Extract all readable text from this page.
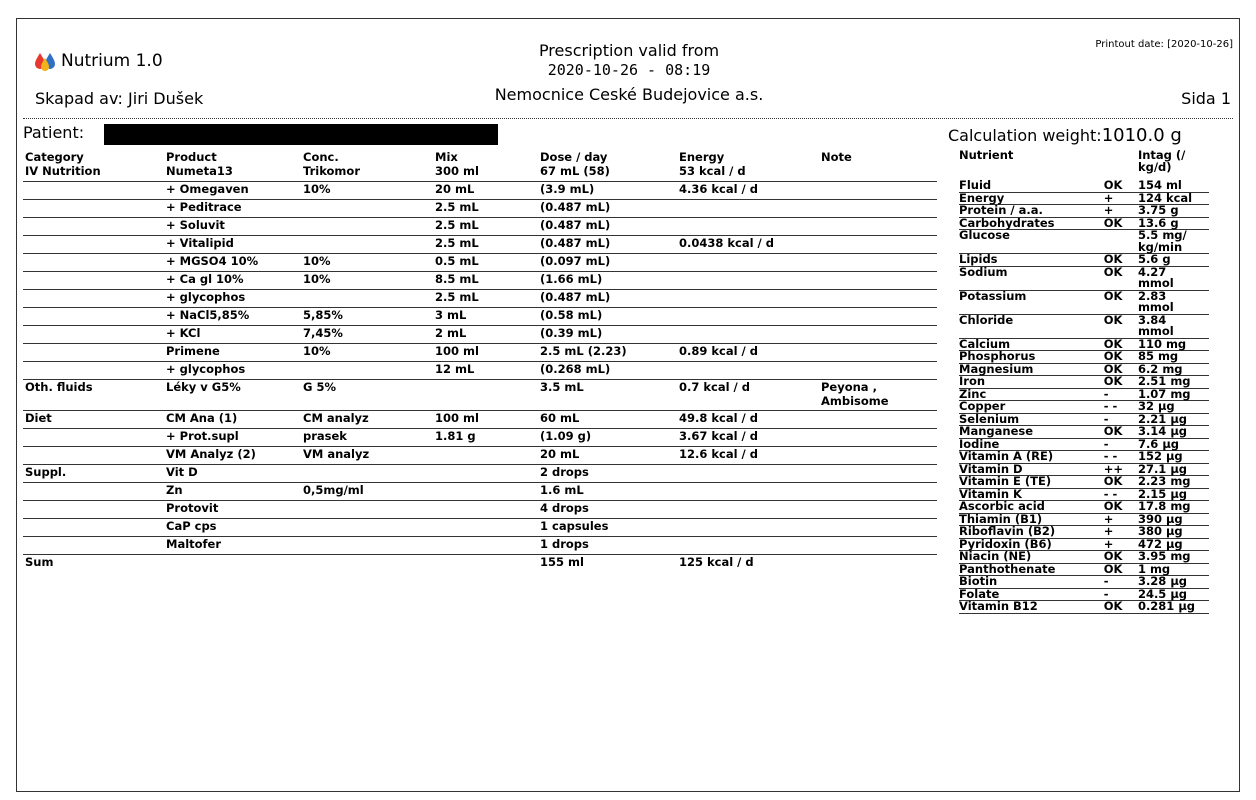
Nutrium 1.0
Skapad av: Jiri Dušek
Prescription valid from
2020-10-26 - 08:19
Nemocnice Ceské Budejovice a.s.
Printout date: [2020-10-26]
Sida 1
Patient:	Calculation weight:1010.0 g
Category	Product	Conc.	Mix	Dose / day	Energy	Note
IV Nutrition	Numeta13	Trikomor	300 ml	67 mL (58)	53 kcal / d	
	+ Omegaven	10%	20 mL	(3.9 mL)	4.36 kcal / d	
	+ Peditrace		2.5 mL	(0.487 mL)		
	+ Soluvit		2.5 mL	(0.487 mL)		
	+ Vitalipid		2.5 mL	(0.487 mL)	0.0438 kcal / d	
	+ MGSO4 10%	10%	0.5 mL	(0.097 mL)		
	+ Ca gl 10%	10%	8.5 mL	(1.66 mL)		
	+ glycophos		2.5 mL	(0.487 mL)		
	+ NaCl5,85%	5,85%	3 mL	(0.58 mL)		
	+ KCl	7,45%	2 mL	(0.39 mL)		
	Primene	10%	100 ml	2.5 mL (2.23)	0.89 kcal / d	
	+ glycophos		12 mL	(0.268 mL)		
Oth. fluids	Léky v G5%	G 5%		3.5 mL	0.7 kcal / d	Peyona ,
Ambisome
Diet	CM Ana (1)	CM analyz	100 ml	60 mL	49.8 kcal / d	
	+ Prot.supl	prasek	1.81 g	(1.09 g)	3.67 kcal / d	
	VM Analyz (2)	VM analyz		20 mL	12.6 kcal / d	
Suppl.	Vit D			2 drops		
	Zn	0,5mg/ml		1.6 mL		
	Protovit			4 drops		
	CaP cps			1 capsules		
	Maltofer			1 drops		
Sum				155 ml	125 kcal / d	
Nutrient		Intag (/
kg/d)

Fluid	OK	154 ml
Energy	+	124 kcal
Protein / a.a.	+	3.75 g
Carbohydrates	OK	13.6 g
Glucose		5.5 mg/
kg/min
Lipids	OK	5.6 g
Sodium	OK	4.27
mmol
Potassium	OK	2.83
mmol
Chloride	OK	3.84
mmol
Calcium	OK	110 mg
Phosphorus	OK	85 mg
Magnesium	OK	6.2 mg
Iron	OK	2.51 mg
Zinc	-	1.07 mg
Copper	- -	32 µg
Selenium	-	2.21 µg
Manganese	OK	3.14 µg
Iodine	-	7.6 µg
Vitamin A (RE)	- -	152 µg
Vitamin D	++	27.1 µg
Vitamin E (TE)	OK	2.23 mg
Vitamin K	- -	2.15 µg
Ascorbic acid	OK	17.8 mg
Thiamin (B1)	+	390 µg
Riboflavin (B2)	+	380 µg
Pyridoxin (B6)	+	472 µg
Niacin (NE)	OK	3.95 mg
Panthothenate	OK	1 mg
Biotin	-	3.28 µg
Folate	-	24.5 µg
Vitamin B12	OK	0.281 µg
